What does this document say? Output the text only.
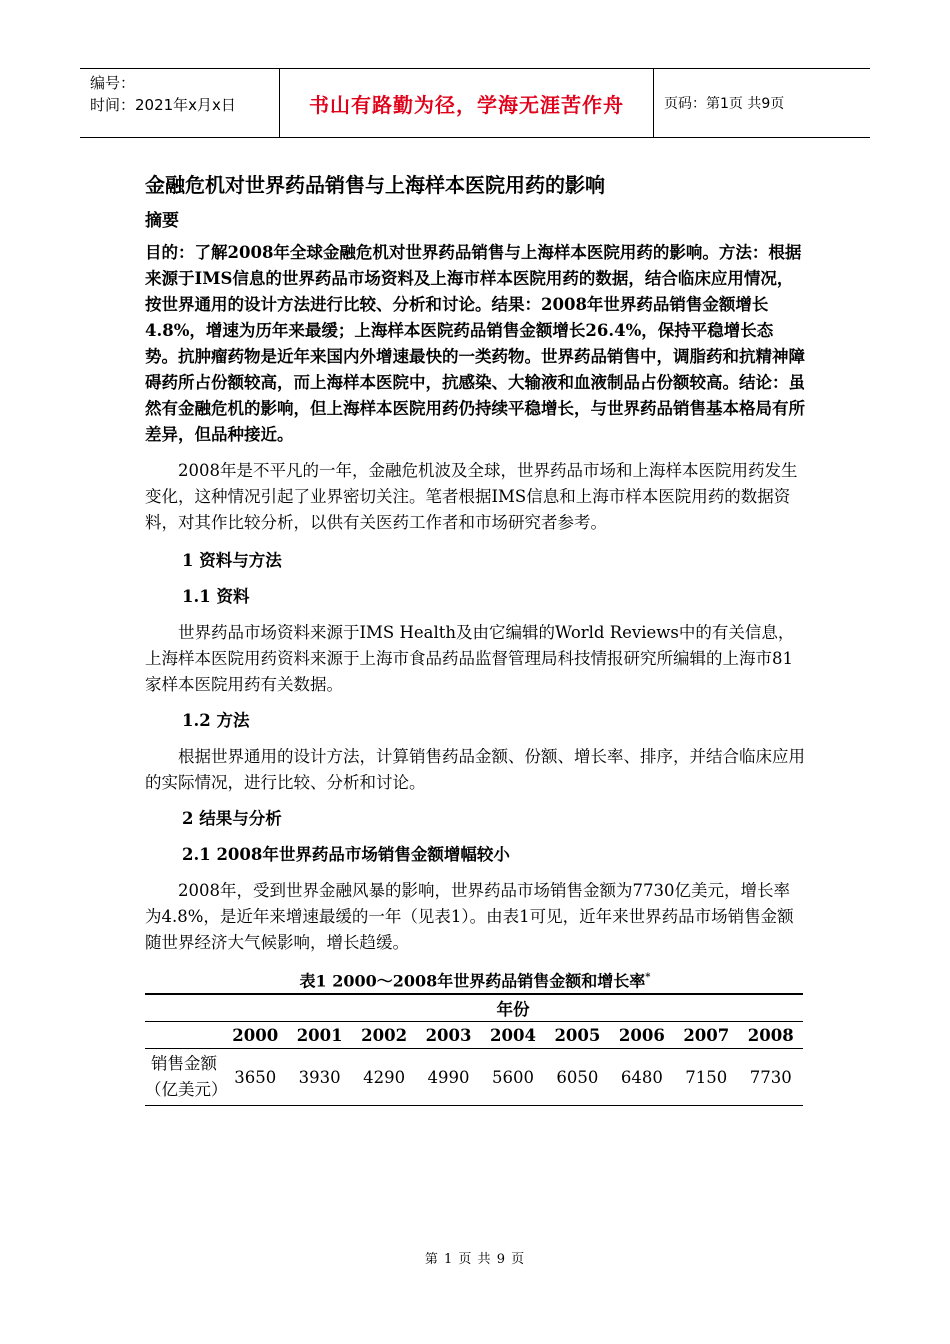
编号：
时间：2021年x月x日	书山有路勤为径，学海无涯苦作舟	页码：第1页 共9页
金融危机对世界药品销售与上海样本医院用药的影响
摘要
目的：了解2008年全球金融危机对世界药品销售与上海样本医院用药的影响。方法：根据来源于IMS信息的世界药品市场资料及上海市样本医院用药的数据，结合临床应用情况，按世界通用的设计方法进行比较、分析和讨论。结果：2008年世界药品销售金额增长4.8%，增速为历年来最缓；上海样本医院药品销售金额增长26.4%，保持平稳增长态势。抗肿瘤药物是近年来国内外增速最快的一类药物。世界药品销售中，调脂药和抗精神障碍药所占份额较高，而上海样本医院中，抗感染、大输液和血液制品占份额较高。结论：虽然有金融危机的影响，但上海样本医院用药仍持续平稳增长，与世界药品销售基本格局有所差异，但品种接近。
2008年是不平凡的一年，金融危机波及全球，世界药品市场和上海样本医院用药发生变化，这种情况引起了业界密切关注。笔者根据IMS信息和上海市样本医院用药的数据资料，对其作比较分析，以供有关医药工作者和市场研究者参考。
1 资料与方法
1.1 资料
世界药品市场资料来源于IMS Health及由它编辑的World Reviews中的有关信息，上海样本医院用药资料来源于上海市食品药品监督管理局科技情报研究所编辑的上海市81家样本医院用药有关数据。
1.2 方法
根据世界通用的设计方法，计算销售药品金额、份额、增长率、排序，并结合临床应用的实际情况，进行比较、分析和讨论。
2 结果与分析
2.1 2008年世界药品市场销售金额增幅较小
2008年，受到世界金融风暴的影响，世界药品市场销售金额为7730亿美元，增长率为4.8%，是近年来增速最缓的一年（见表1）。由表1可见，近年来世界药品市场销售金额随世界经济大气候影响，增长趋缓。
表1 2000～2008年世界药品销售金额和增长率*
	年份								
	2000	2001	2002	2003	2004	2005	2006	2007	2008
销售金额（亿美元）	3650	3930	4290	4990	5600	6050	6480	7150	7730
第 1 页 共 9 页
